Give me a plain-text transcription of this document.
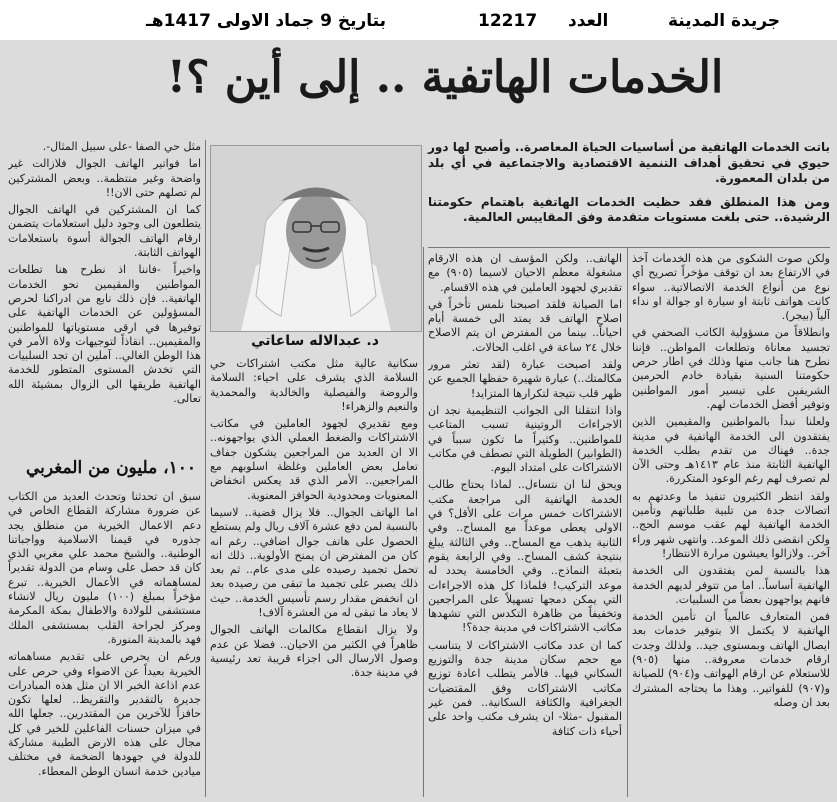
جريدة المدينة
العدد
12217
بتاريخ 9 جماد الاولى 1417هـ
الخدمات الهاتفية .. إلى أين ؟!

باتت الخدمات الهاتفية من أساسيات الحياة المعاصرة.. وأصبح لها دور حيوي في تحقيق أهداف التنمية الاقتصادية والاجتماعية في أي بلد من بلدان المعمورة.

ومن هذا المنطلق فقد حظيت الخدمات الهاتفية باهتمام حكومتنا الرشيدة.. حتى بلغت مستويات متقدمة وفق المقاييس العالمية.

ولكن صوت الشكوى من هذه الخدمات آخذ في الارتفاع بعد ان توقف مؤخراً تصريح أي نوع من أنواع الخدمة الاتصالاتية.. سواء كانت هواتف ثابتة او سيارة او جوالة او نداء آلياً (بيجر).

وانطلاقاً من مسؤولية الكاتب الصحفي في تجسيد معاناة وتطلعات المواطن.. فإننا نطرح هنا جانب منها وذلك في اطار حرص حكومتنا السنية بقيادة خادم الحرمين الشريفين على تيسير أمور المواطنين وتوفير أفضل الخدمات لهم.

ولعلنا نبدأ بالمواطنين والمقيمين الذين يفتقدون الى الخدمة الهاتفية في مدينة جدة.. فهناك من تقدم بطلب الخدمة الهاتفية الثابتة منذ عام ١٤١٣هـ وحتى الآن لم تصرف لهم رغم الوعود المتكررة.

ولقد انتظر الكثيرون تنفيذ ما وعدتهم به اتصالات جدة من تلبية طلباتهم وتأمين الخدمة الهاتفية لهم عقب موسم الحج.. ولكن انقضى ذلك الموعد.. وانتهى شهر وراء آخر.. ولازالوا يعيشون مرارة الانتظار!

هذا بالنسبة لمن يفتقدون الى الخدمة الهاتفية أساساً.. اما من تتوفر لديهم الخدمة فانهم يواجهون بعضاً من السلبيات.

فمن المتعارف عالمياً ان تأمين الخدمة الهاتفية لا يكتمل الا بتوفير خدمات بعد ايصال الهاتف وبمستوى جيد.. ولذلك وجدت ارقام خدمات معروفة.. منها (٩٠٥) للاستعلام عن ارقام الهواتف و(٩٠٤) للصيانة و(٩٠٧) للفواتير.. وهذا ما يحتاجه المشترك بعد ان وصله

الهاتف.. ولكن المؤسف ان هذه الارقام مشغولة معظم الاحيان لاسيما (٩٠٥) مع تقديري لجهود العاملين في هذه الاقسام.

اما الصيانة فلقد اصبحنا نلمس تأخراً في اصلاح الهاتف قد يمتد الى خمسة أيام احياناً.. بينما من المفترض ان يتم الاصلاح خلال ٢٤ ساعة في اغلب الحالات.

ولقد اصبحت عبارة (لقد تعثر مرور مكالمتك..) عبارة شهيرة حفظها الجميع عن ظهر قلب نتيجة لتكرارها المتزايد!

واذا انتقلنا الى الجوانب التنظيمية نجد ان الاجراءات الروتينية تسبب المتاعب للمواطنين.. وكثيراً ما تكون سبباً في (الطوابير) الطويلة التي تصطف في مكاتب الاشتراكات على امتداد اليوم.

ويحق لنا ان نتساءل.. لماذا يحتاج طالب الخدمة الهاتفية الى مراجعة مكتب الاشتراكات خمس مرات على الأقل؟ في الاولى يعطى موعداً مع المساح.. وفي الثانية يذهب مع المساح.. وفي الثالثة يبلغ بنتيجة كشف المساح.. وفي الرابعة يقوم بتعبئة النماذج.. وفي الخامسة يحدد له موعد التركيب! فلماذا كل هذه الاجراءات التي يمكن دمجها تسهيلاً على المراجعين وتخفيفاً من ظاهرة التكدس التي تشهدها مكاتب الاشتراكات في مدينة جدة؟!

كما ان عدد مكاتب الاشتراكات لا يتناسب مع حجم سكان مدينة جدة والتوزيع السكاني فيها.. فالأمر يتطلب اعادة توزيع مكاتب الاشتراكات وفق المقتضيات الجغرافية والكثافة السكانية.. فمن غير المقبول -مثلا- ان يشرف مكتب واحد على أحياء ذات كثافة

د. عبدالاله ساعاتي

سكانية عالية مثل مكتب اشتراكات حي السلامة الذي يشرف على احياء: السلامة والروضة والفيصلية والخالدية والمحمدية والنعيم والزهراء!

ومع تقديري لجهود العاملين في مكاتب الاشتراكات والضغط العملي الذي يواجهونه.. الا ان العديد من المراجعين يشكون جفاف تعامل بعض العاملين وغلظة اسلوبهم مع المراجعين.. الأمر الذي قد يعكس انخفاض المعنويات ومحدودية الحوافز المعنوية.

اما الهاتف الجوال.. فلا يزال قضية.. لاسيما بالنسبة لمن دفع عشرة آلاف ريال ولم يستطع الحصول على هاتف جوال اضافي.. رغم انه كان من المفترض ان يمنح الأولوية.. ذلك انه تحمل تجميد رصيده على مدى عام.. ثم بعد ذلك يصبر على تجميد ما تبقى من رصيده بعد ان انخفض مقدار رسم تأسيس الخدمة.. حيث لا يعاد ما تبقى له من العشرة آلاف!

ولا يزال انقطاع مكالمات الهاتف الجوال ظاهراً في الكثير من الاحيان.. فضلا عن عدم وصول الارسال الى اجزاء قريبة تعد رئيسية في مدينة جدة.

مثل حي الصفا -على سبيل المثال-.

اما فواتير الهاتف الجوال فلازالت غير واضحة وغير منتظمة.. وبعض المشتركين لم تصلهم حتى الان!!

كما ان المشتركين في الهاتف الجوال يتطلعون الى وجود دليل استعلامات يتضمن ارقام الهاتف الجوالة أسوة باستعلامات الهواتف الثابتة.

واخيراً -فاننا اذ نطرح هنا تطلعات المواطنين والمقيمين نحو الخدمات الهاتفية.. فإن ذلك نابع من ادراكنا لحرص المسؤولين عن الخدمات الهاتفية على توفيرها في ارقى مستوياتها للمواطنين والمقيمين.. انقاذاً لتوجيهات ولاة الأمر في هذا الوطن الغالي.. آملين ان تجد السلبيات التي تخدش المستوى المتطور للخدمة الهاتفية طريقها الى الزوال بمشيئة الله تعالى.

١٠٠، مليون من المغربي

سبق ان تحدثنا وتحدث العديد من الكتاب عن ضرورة مشاركة القطاع الخاص في دعم الاعمال الخيرية من منطلق يجد جذوره في قيمنا الاسلامية وواجباتنا الوطنية.. والشيخ محمد علي مغربي الذي كان قد حصل على وسام من الدولة تقديراً لمساهماته في الأعمال الخيرية.. تبرع مؤخراً بمبلغ (١٠٠) مليون ريال لانشاء مستشفى للولادة والاطفال بمكة المكرمة ومركز لجراحة القلب بمستشفى الملك فهد بالمدينة المنورة.

ورغم ان يحرص على تقديم مساهماته الخيرية بعيداً عن الاضواء وفي حرص على عدم اذاعة الخبر الا ان مثل هذه المبادرات جديرة بالتقدير والتقريظ.. لعلها تكون حافزاً للآخرين من المقتدرين.. جعلها الله في ميزان حسنات الفاعلين للخير في كل مجال على هذه الارض الطيبة مشاركة للدولة في جهودها الضخمة في مختلف ميادين خدمة انسان الوطن المعطاء.
